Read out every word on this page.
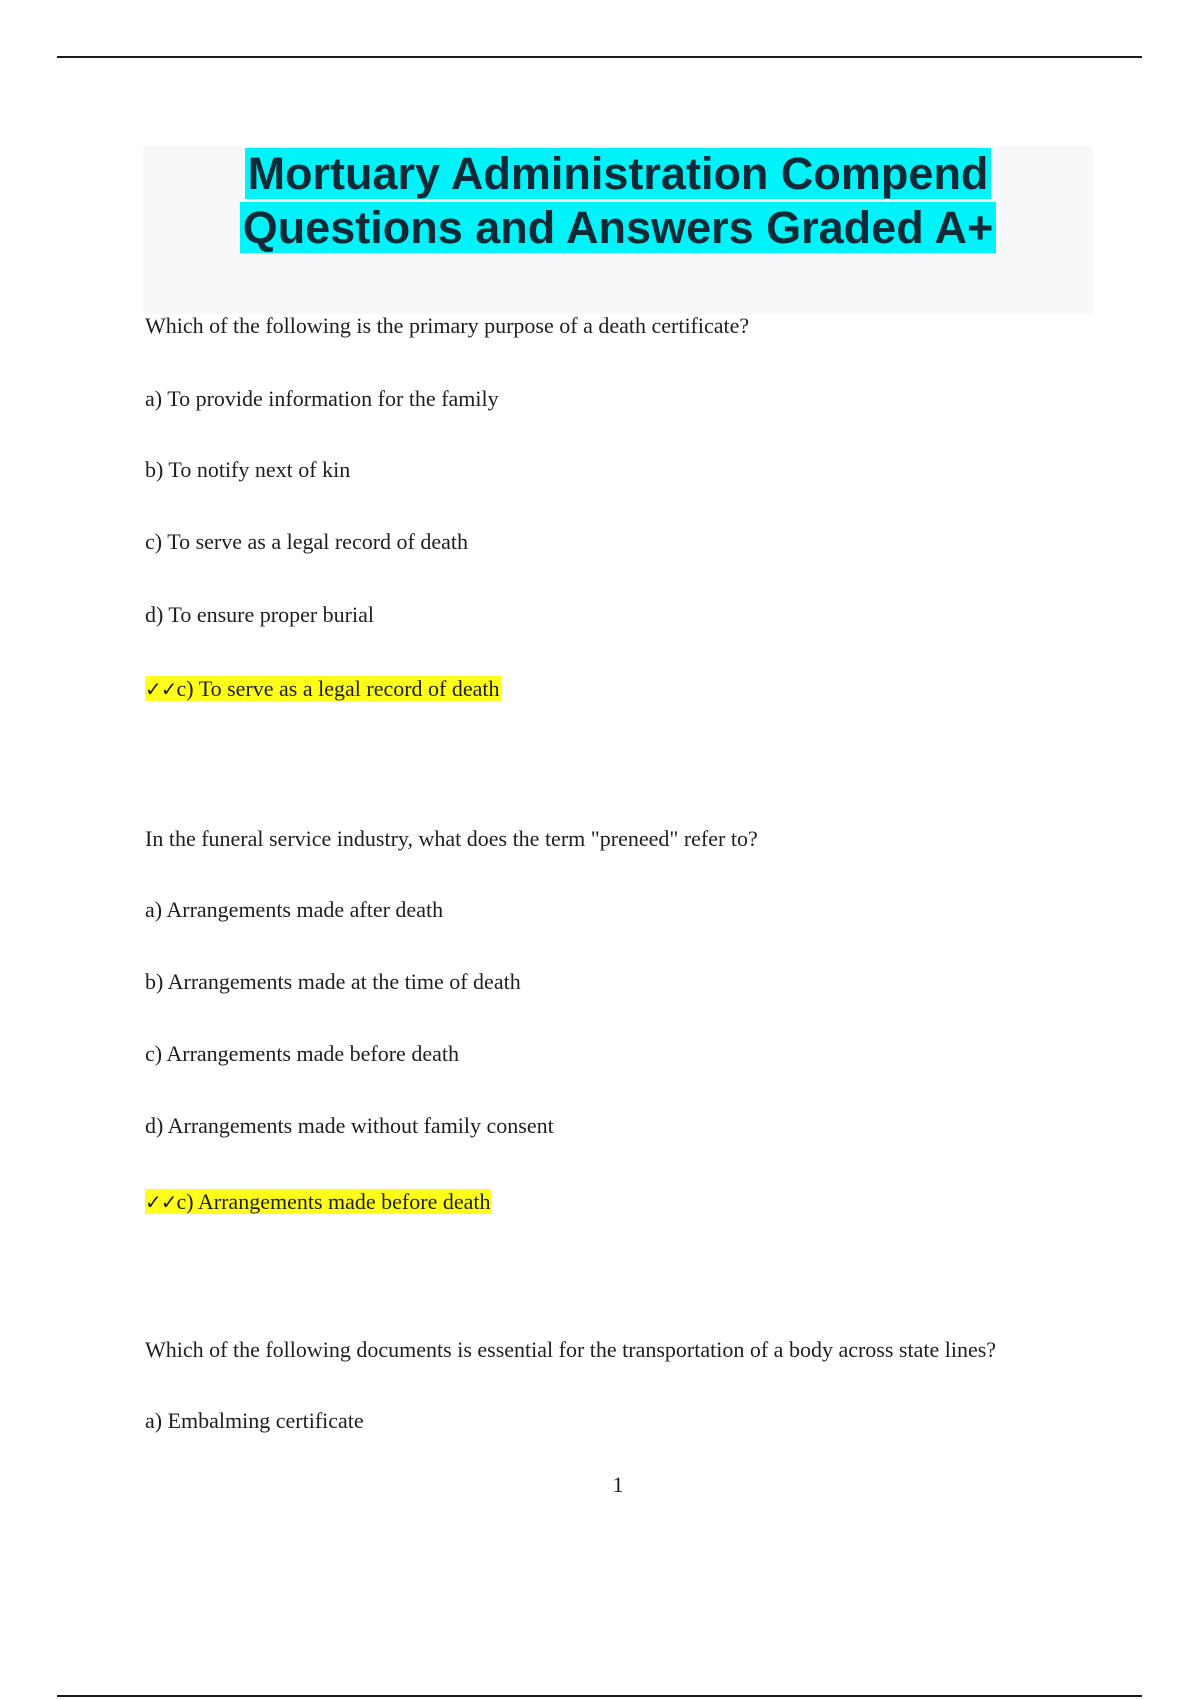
Mortuary Administration Compend
Questions and Answers Graded A+
Which of the following is the primary purpose of a death certificate?
a) To provide information for the family
b) To notify next of kin
c) To serve as a legal record of death
d) To ensure proper burial
✓✓c) To serve as a legal record of death
In the funeral service industry, what does the term "preneed" refer to?
a) Arrangements made after death
b) Arrangements made at the time of death
c) Arrangements made before death
d) Arrangements made without family consent
✓✓c) Arrangements made before death
Which of the following documents is essential for the transportation of a body across state lines?
a) Embalming certificate
1
